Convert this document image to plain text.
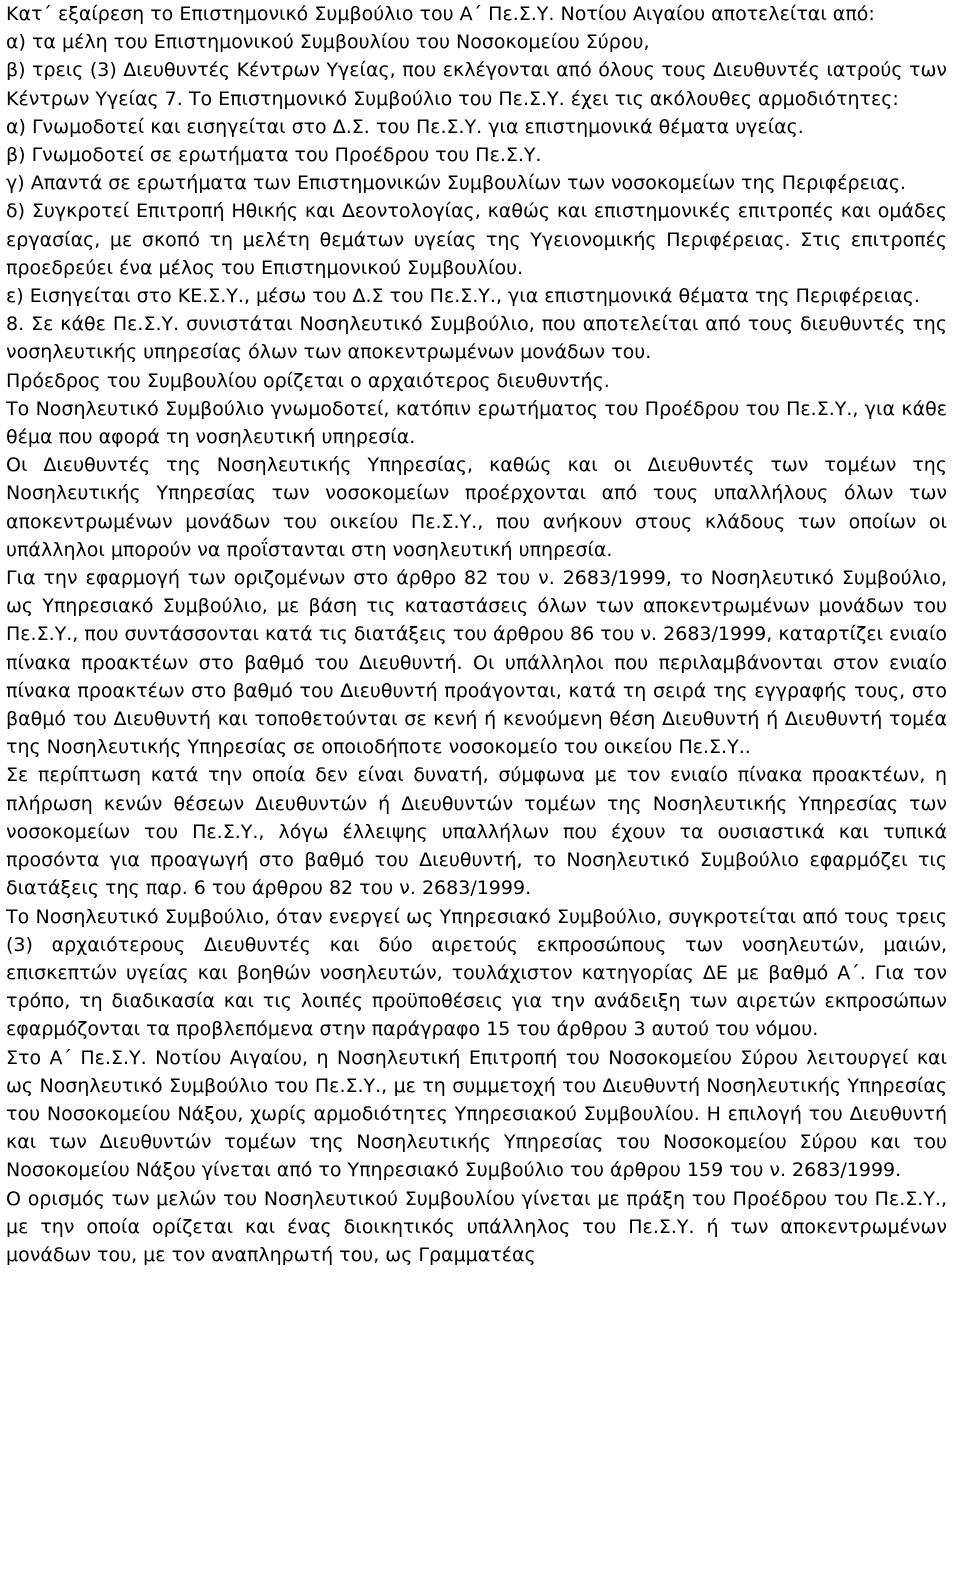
Κατ΄ εξαίρεση το Επιστημονικό Συμβούλιο του Α΄ Πε.Σ.Υ. Νοτίου Αιγαίου αποτελείται από:

α) τα μέλη του Επιστημονικού Συμβουλίου του Νοσοκομείου Σύρου,

β) τρεις (3) Διευθυντές Κέντρων Υγείας, που εκλέγονται από όλους τους Διευθυντές ιατρούς των Κέντρων Υγείας 7. Το Επιστημονικό Συμβούλιο του Πε.Σ.Υ. έχει τις ακόλουθες αρμοδιότητες:

α) Γνωμοδοτεί και εισηγείται στο Δ.Σ. του Πε.Σ.Υ. για επιστημονικά θέματα υγείας.

β) Γνωμοδοτεί σε ερωτήματα του Προέδρου του Πε.Σ.Υ.

γ) Απαντά σε ερωτήματα των Επιστημονικών Συμβουλίων των νοσοκομείων της Περιφέρειας.

δ) Συγκροτεί Επιτροπή Ηθικής και Δεοντολογίας, καθώς και επιστημονικές επιτροπές και ομάδες εργασίας, με σκοπό τη μελέτη θεμάτων υγείας της Υγειονομικής Περιφέρειας. Στις επιτροπές προεδρεύει ένα μέλος του Επιστημονικού Συμβουλίου.

ε) Εισηγείται στο ΚΕ.Σ.Υ., μέσω του Δ.Σ του Πε.Σ.Υ., για επιστημονικά θέματα της Περιφέρειας.

8. Σε κάθε Πε.Σ.Υ. συνιστάται Νοσηλευτικό Συμβούλιο, που αποτελείται από τους διευθυντές της νοσηλευτικής υπηρεσίας όλων των αποκεντρωμένων μονάδων του.

Πρόεδρος του Συμβουλίου ορίζεται ο αρχαιότερος διευθυντής.

Το Νοσηλευτικό Συμβούλιο γνωμοδοτεί, κατόπιν ερωτήματος του Προέδρου του Πε.Σ.Υ., για κάθε θέμα που αφορά τη νοσηλευτική υπηρεσία.

Οι Διευθυντές της Νοσηλευτικής Υπηρεσίας, καθώς και οι Διευθυντές των τομέων της Νοσηλευτικής Υπηρεσίας των νοσοκομείων προέρχονται από τους υπαλλήλους όλων των αποκεντρωμένων μονάδων του οικείου Πε.Σ.Υ., που ανήκουν στους κλάδους των οποίων οι υπάλληλοι μπορούν να προΐστανται στη νοσηλευτική υπηρεσία.

Για την εφαρμογή των οριζομένων στο άρθρο 82 του ν. 2683/1999, το Νοσηλευτικό Συμβούλιο, ως Υπηρεσιακό Συμβούλιο, με βάση τις καταστάσεις όλων των αποκεντρωμένων μονάδων του Πε.Σ.Υ., που συντάσσονται κατά τις διατάξεις του άρθρου 86 του ν. 2683/1999, καταρτίζει ενιαίο πίνακα προακτέων στο βαθμό του Διευθυντή. Οι υπάλληλοι που περιλαμβάνονται στον ενιαίο πίνακα προακτέων στο βαθμό του Διευθυντή προάγονται, κατά τη σειρά της εγγραφής τους, στο βαθμό του Διευθυντή και τοποθετούνται σε κενή ή κενούμενη θέση Διευθυντή ή Διευθυντή τομέα της Νοσηλευτικής Υπηρεσίας σε οποιοδήποτε νοσοκομείο του οικείου Πε.Σ.Υ..

Σε περίπτωση κατά την οποία δεν είναι δυνατή, σύμφωνα με τον ενιαίο πίνακα προακτέων, η πλήρωση κενών θέσεων Διευθυντών ή Διευθυντών τομέων της Νοσηλευτικής Υπηρεσίας των νοσοκομείων του Πε.Σ.Υ., λόγω έλλειψης υπαλλήλων που έχουν τα ουσιαστικά και τυπικά προσόντα για προαγωγή στο βαθμό του Διευθυντή, το Νοσηλευτικό Συμβούλιο εφαρμόζει τις διατάξεις της παρ. 6 του άρθρου 82 του ν. 2683/1999.

Το Νοσηλευτικό Συμβούλιο, όταν ενεργεί ως Υπηρεσιακό Συμβούλιο, συγκροτείται από τους τρεις (3) αρχαιότερους Διευθυντές και δύο αιρετούς εκπροσώπους των νοσηλευτών, μαιών, επισκεπτών υγείας και βοηθών νοσηλευτών, τουλάχιστον κατηγορίας ΔΕ με βαθμό Α΄. Για τον τρόπο, τη διαδικασία και τις λοιπές προϋποθέσεις για την ανάδειξη των αιρετών εκπροσώπων εφαρμόζονται τα προβλεπόμενα στην παράγραφο 15 του άρθρου 3 αυτού του νόμου.

Στο Α΄ Πε.Σ.Υ. Νοτίου Αιγαίου, η Νοσηλευτική Επιτροπή του Νοσοκομείου Σύρου λειτουργεί και ως Νοσηλευτικό Συμβούλιο του Πε.Σ.Υ., με τη συμμετοχή του Διευθυντή Νοσηλευτικής Υπηρεσίας του Νοσοκομείου Νάξου, χωρίς αρμοδιότητες Υπηρεσιακού Συμβουλίου. Η επιλογή του Διευθυντή και των Διευθυντών τομέων της Νοσηλευτικής Υπηρεσίας του Νοσοκομείου Σύρου και του Νοσοκομείου Νάξου γίνεται από το Υπηρεσιακό Συμβούλιο του άρθρου 159 του ν. 2683/1999.

Ο ορισμός των μελών του Νοσηλευτικού Συμβουλίου γίνεται με πράξη του Προέδρου του Πε.Σ.Υ., με την οποία ορίζεται και ένας διοικητικός υπάλληλος του Πε.Σ.Υ. ή των αποκεντρωμένων μονάδων του, με τον αναπληρωτή του, ως Γραμματέας
